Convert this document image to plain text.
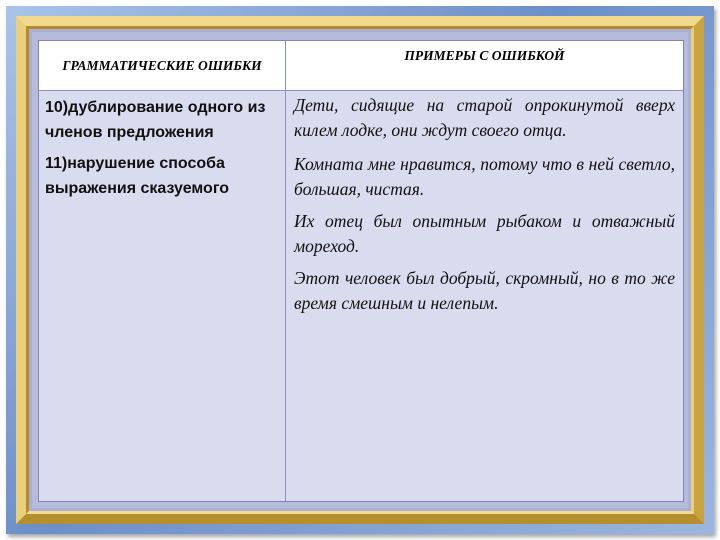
ГРАММАТИЧЕСКИЕ ОШИБКИ
ПРИМЕРЫ С ОШИБКОЙ
10)дублирование одного из членов предложения
11)нарушение способа выражения сказуемого
Дети, сидящие на старой опрокинутой вверх килем лодке, они ждут своего отца.
Комната мне нравится, потому что в ней светло, большая, чистая.
Их отец был опытным рыбаком и отважный мореход.
Этот человек был добрый, скромный, но в то же время смешным и нелепым.
